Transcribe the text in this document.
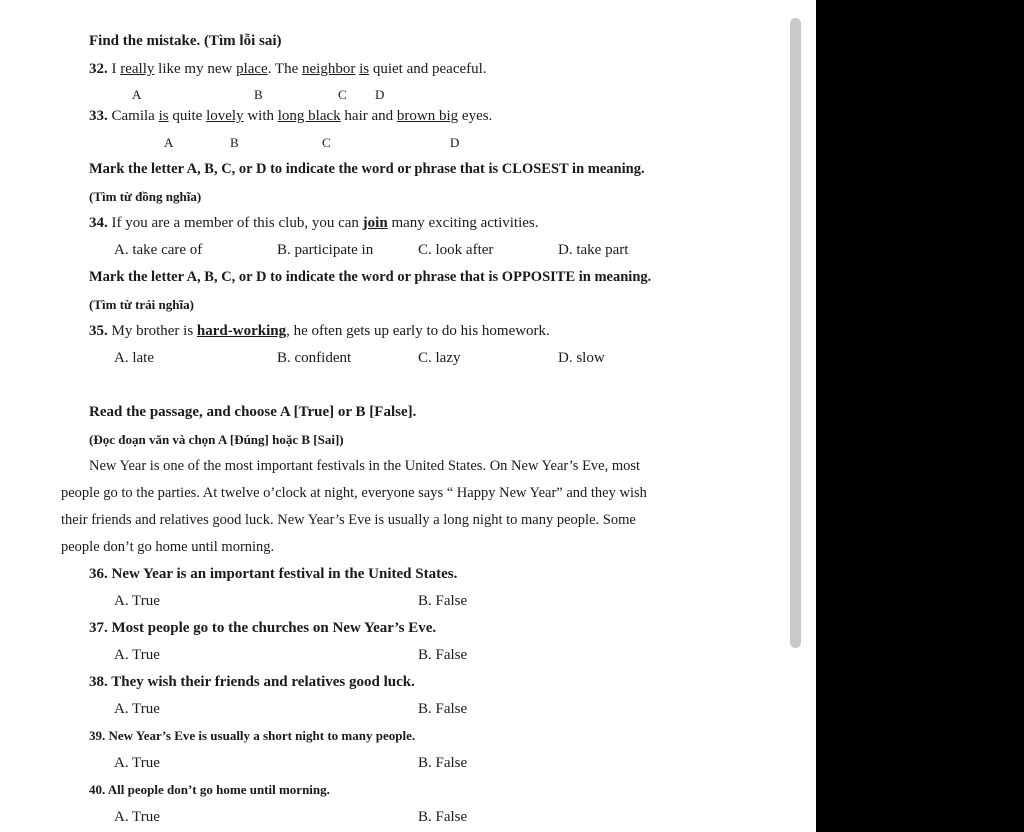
Find the mistake. (Tìm lỗi sai)
32. I really like my new place. The neighbor is quiet and peaceful.
A	B	C D
33. Camila is quite lovely with long black hair and brown big eyes.
A	B	C	D
Mark the letter A, B, C, or D to indicate the word or phrase that is CLOSEST in meaning.
(Tìm từ đồng nghĩa)
34. If you are a member of this club, you can join many exciting activities.
A. take care of	B. participate in	C. look after	D. take part
Mark the letter A, B, C, or D to indicate the word or phrase that is OPPOSITE in meaning.
(Tìm từ trái nghĩa)
35. My brother is hard-working, he often gets up early to do his homework.
A. late	B. confident	C. lazy	D. slow
Read the passage, and choose A [True] or B [False].
(Đọc đoạn văn và chọn A [Đúng] hoặc B [Sai])
New Year is one of the most important festivals in the United States. On New Year’s Eve, most
people go to the parties. At twelve o’clock at night, everyone says “ Happy New Year” and they wish
their friends and relatives good luck. New Year’s Eve is usually a long night to many people. Some
people don’t go home until morning.
36. New Year is an important festival in the United States.
A. True	B. False
37. Most people go to the churches on New Year’s Eve.
A. True	B. False
38. They wish their friends and relatives good luck.
A. True	B. False
39. New Year’s Eve is usually a short night to many people.
A. True	B. False
40. All people don’t go home until morning.
A. True	B. False
